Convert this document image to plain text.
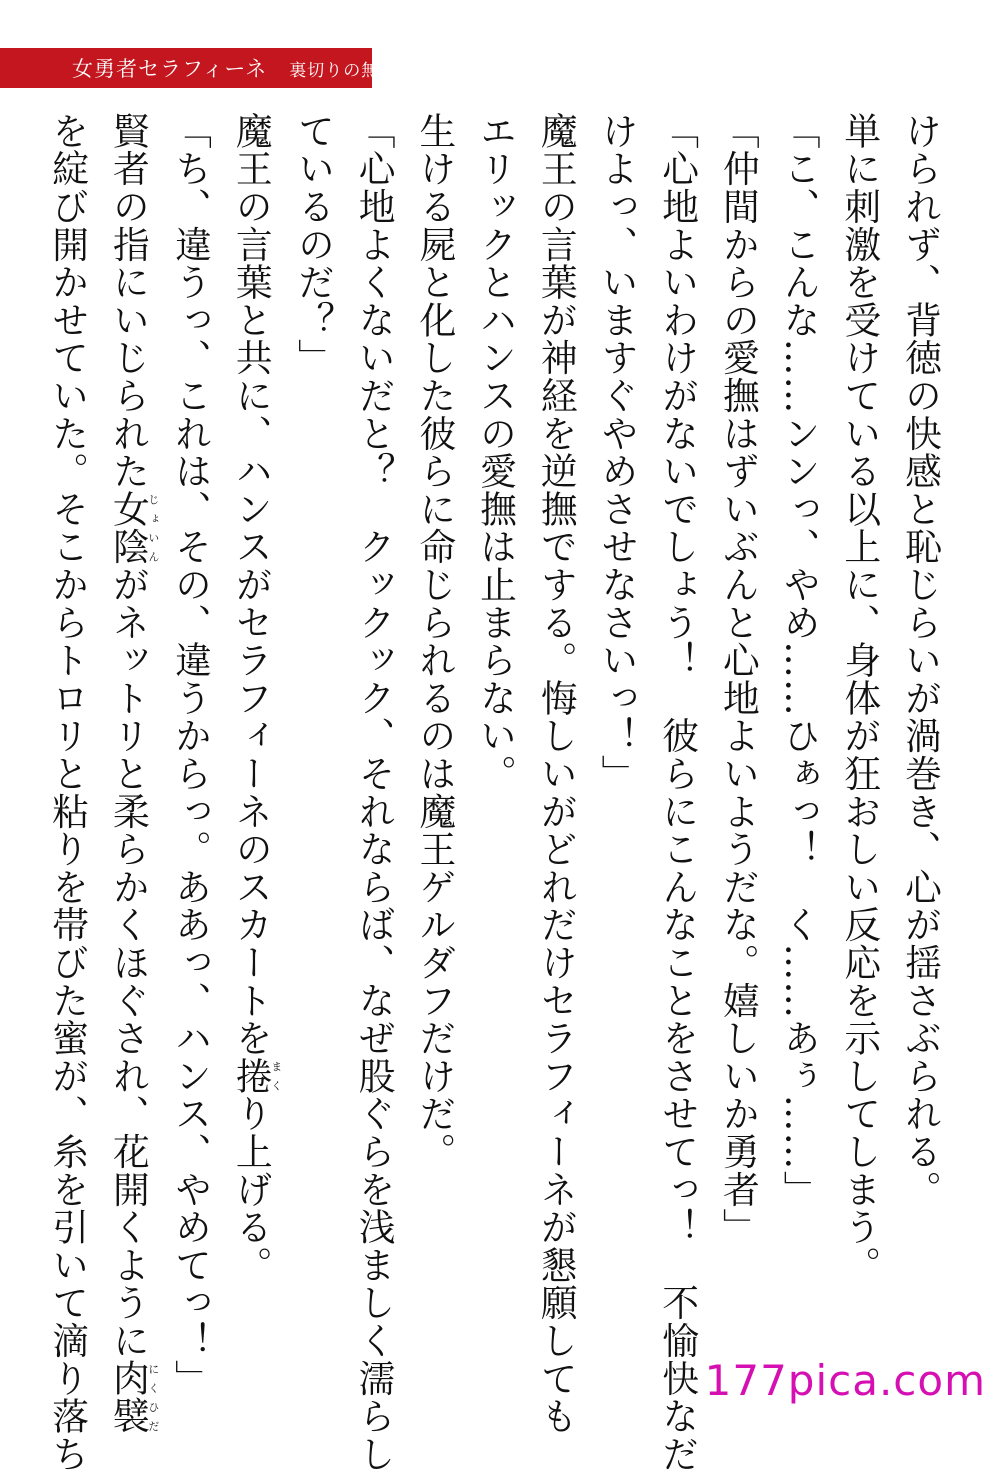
女勇者セラフィーネ 裏切りの無惨劇
けられず、背徳の快感と恥じらいが渦巻き、心が揺さぶられる。
単に刺激を受けている以上に、身体が狂おしい反応を示してしまう。
「こ、こんな……ンンっ、やめ……ひぁっ！　く……あぅ……」
「仲間からの愛撫はずいぶんと心地よいようだな。嬉しいか勇者」
「心地よいわけがないでしょう！　彼らにこんなことをさせてっ！　不愉快なだ
けよっ、いますぐやめさせなさいっ！」
魔王の言葉が神経を逆撫でする。悔しいがどれだけセラフィーネが懇願しても
エリックとハンスの愛撫は止まらない。
生ける屍と化した彼らに命じられるのは魔王ゲルダフだけだ。
「心地よくないだと？　クックック、それならば、なぜ股ぐらを浅ましく濡らし
ているのだ？」
魔王の言葉と共に、ハンスがセラフィーネのスカートを捲まくり上げる。
「ち、違うっ、これは、その、違うからっ。ああっ、ハンス、やめてっ！」
賢者の指にいじられた女陰じょいんがネットリと柔らかくほぐされ、花開くように肉襞にくひだ
を綻び開かせていた。そこからトロリと粘りを帯びた蜜が、糸を引いて滴り落ち	177pica.com
